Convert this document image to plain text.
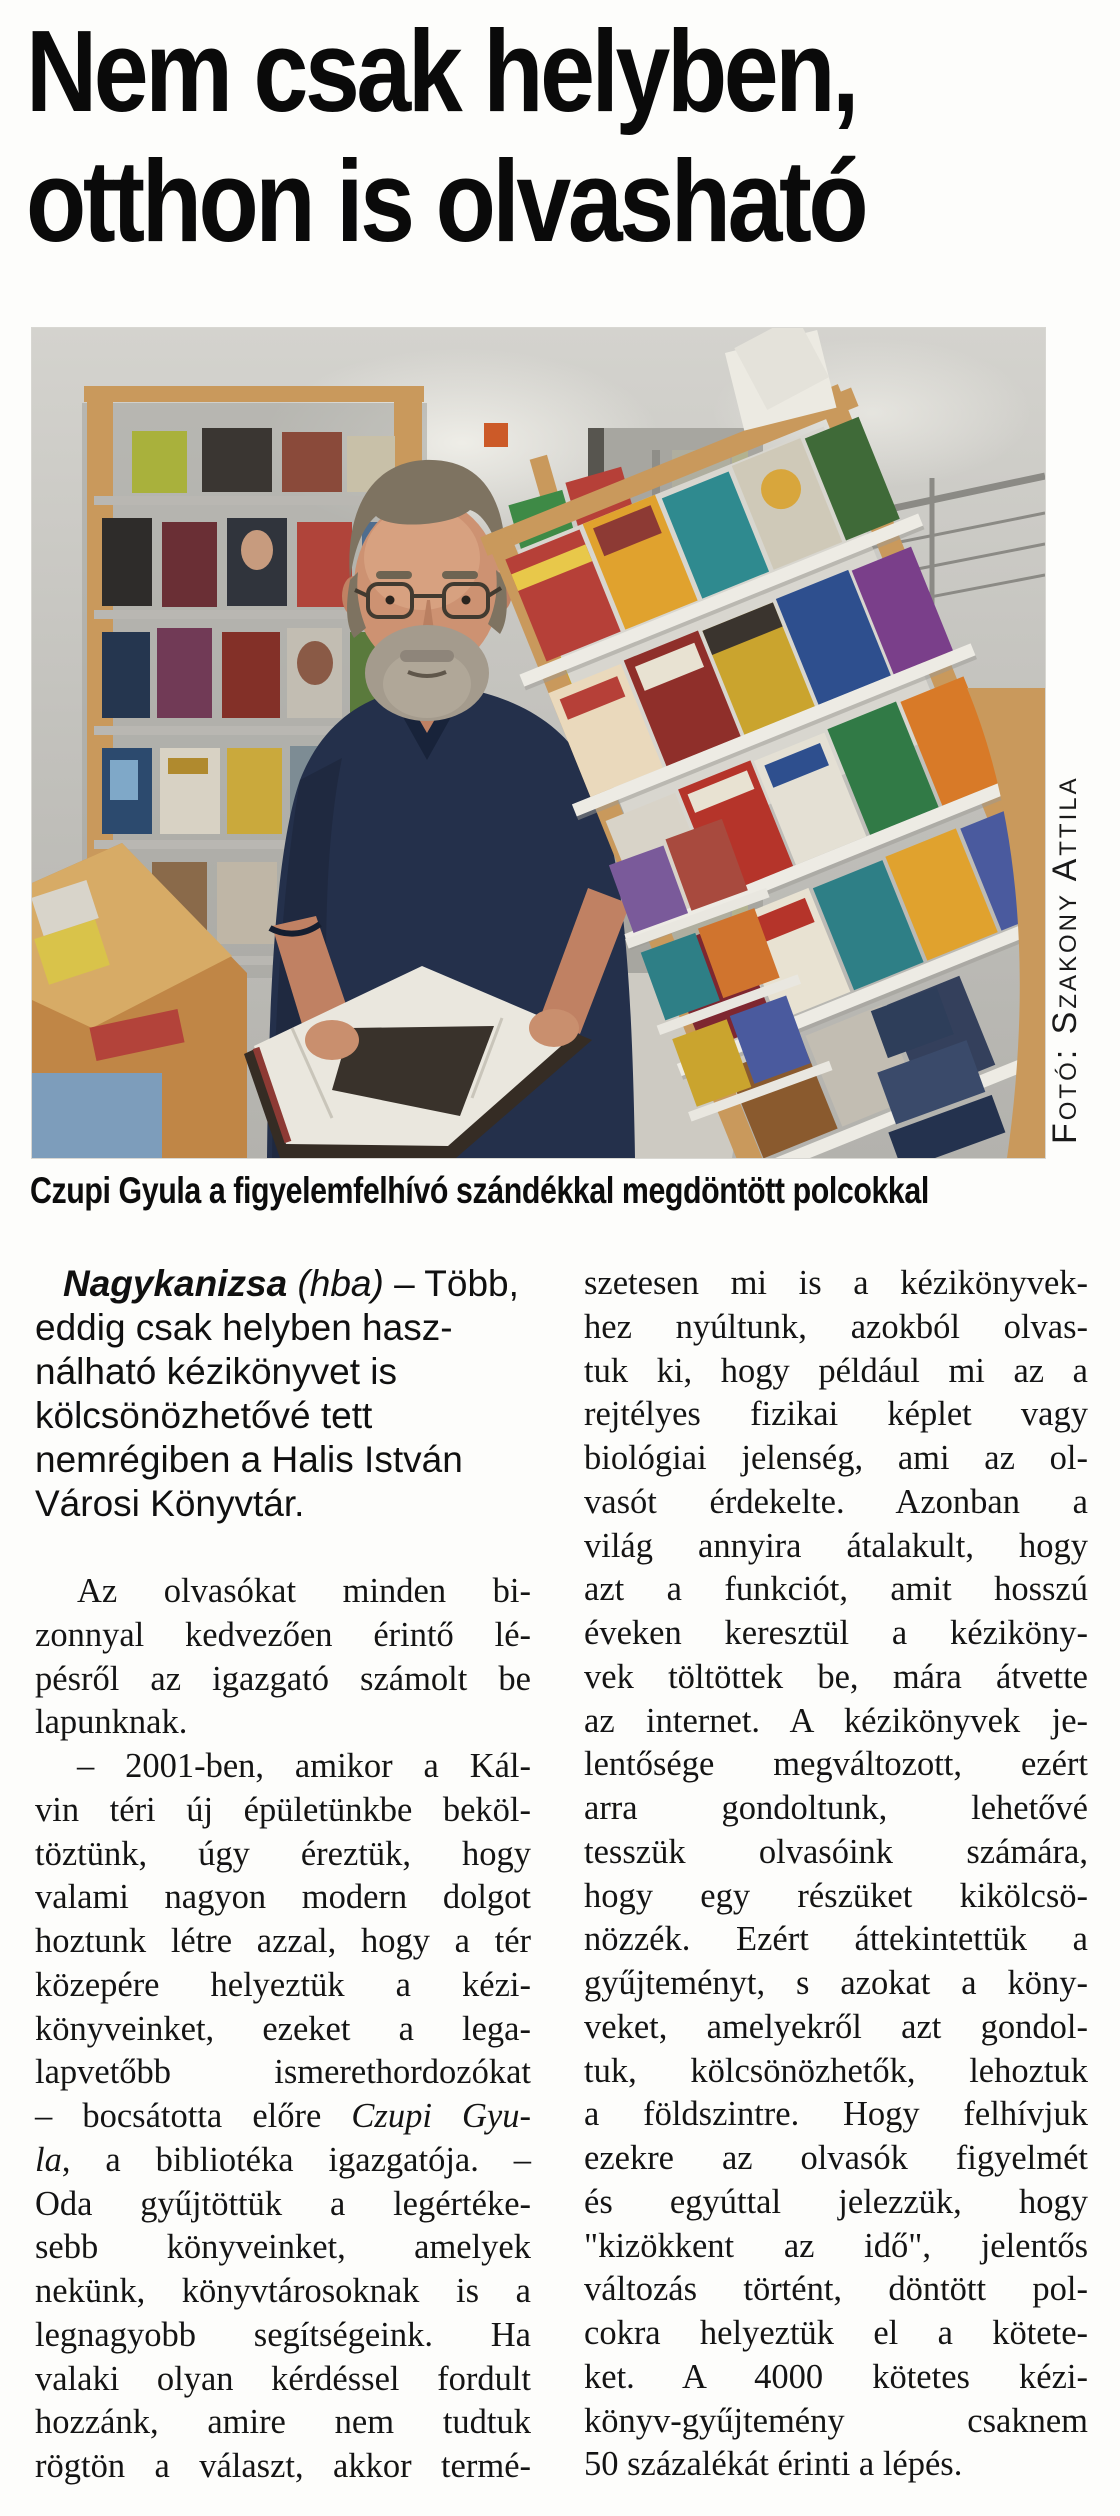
Nem csak helyben,
otthon is olvasható
Fotó: Szakony Attila
Czupi Gyula a figyelemfelhívó szándékkal megdöntött polcokkal

Nagykanizsa (hba) – Több,
eddig csak helyben hasz-
nálható kézikönyvet is
kölcsönözhetővé tett
nemrégiben a Halis István
Városi Könyvtár.

Az olvasókat minden bi-
zonnyal kedvezően érintő lé-
pésről az igazgató számolt be
lapunknak.
– 2001-ben, amikor a Kál-
vin téri új épületünkbe beköl-
töztünk, úgy éreztük, hogy
valami nagyon modern dolgot
hoztunk létre azzal, hogy a tér
közepére helyeztük a kézi-
könyveinket, ezeket a lega-
lapvetőbb ismerethordozókat
– bocsátotta előre Czupi Gyu-
la, a bibliotéka igazgatója. –
Oda gyűjtöttük a legértéke-
sebb könyveinket, amelyek
nekünk, könyvtárosoknak is a
legnagyobb segítségeink. Ha
valaki olyan kérdéssel fordult
hozzánk, amire nem tudtuk
rögtön a választ, akkor termé-
szetesen mi is a kézikönyvek-
hez nyúltunk, azokból olvas-
tuk ki, hogy például mi az a
rejtélyes fizikai képlet vagy
biológiai jelenség, ami az ol-
vasót érdekelte. Azonban a
világ annyira átalakult, hogy
azt a funkciót, amit hosszú
éveken keresztül a kéziköny-
vek töltöttek be, mára átvette
az internet. A kézikönyvek je-
lentősége megváltozott, ezért
arra gondoltunk, lehetővé
tesszük olvasóink számára,
hogy egy részüket kikölcsö-
nözzék. Ezért áttekintettük a
gyűjteményt, s azokat a köny-
veket, amelyekről azt gondol-
tuk, kölcsönözhetők, lehoztuk
a földszintre. Hogy felhívjuk
ezekre az olvasók figyelmét
és egyúttal jelezzük, hogy
"kizökkent az idő", jelentős
változás történt, döntött pol-
cokra helyeztük el a kötete-
ket. A 4000 kötetes kézi-
könyv-gyűjtemény csaknem
50 százalékát érinti a lépés.
